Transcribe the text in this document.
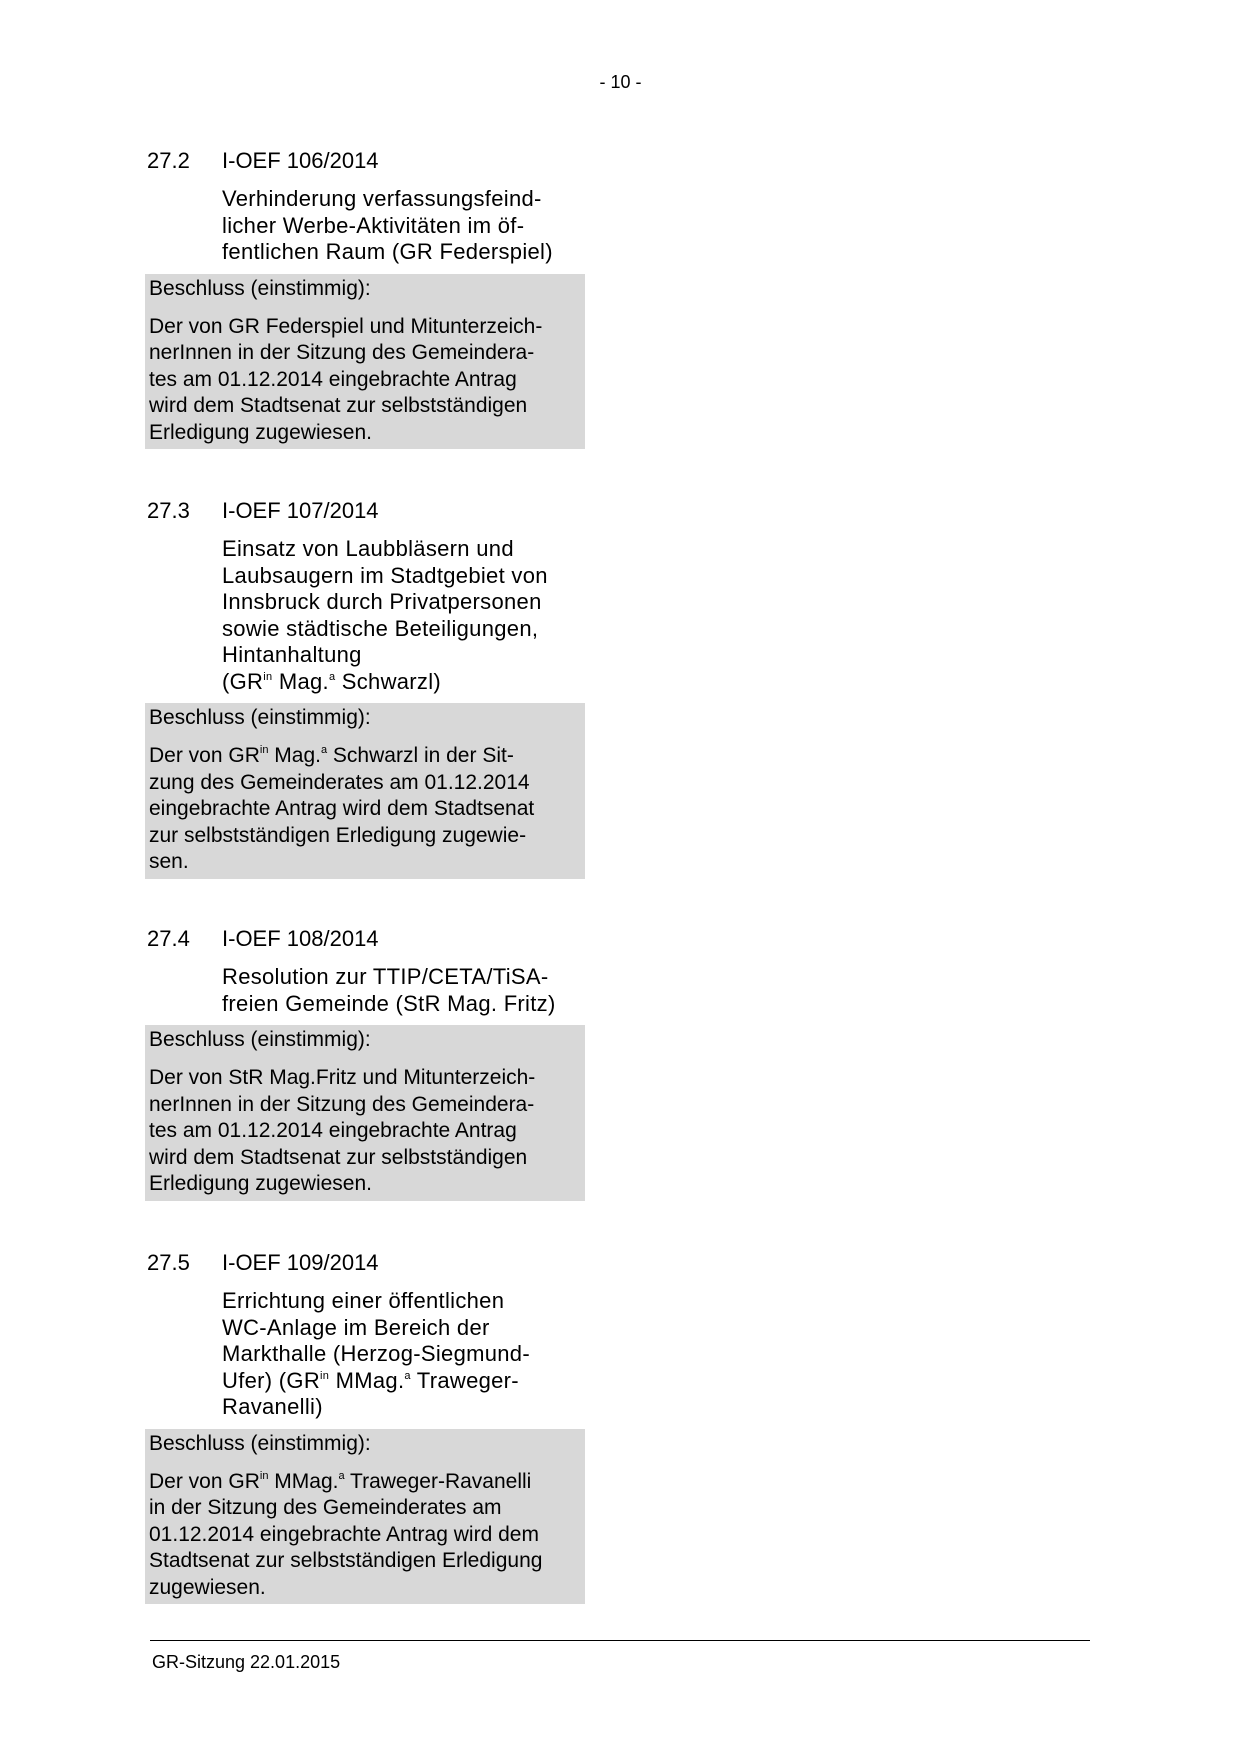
- 10 -
27.2 I-OEF 106/2014
Verhinderung verfassungsfeind-
licher Werbe-Aktivitäten im öf-
fentlichen Raum (GR Federspiel)
Beschluss (einstimmig):
Der von GR Federspiel und Mitunterzeich-
nerInnen in der Sitzung des Gemeindera-
tes am 01.12.2014 eingebrachte Antrag
wird dem Stadtsenat zur selbstständigen
Erledigung zugewiesen.
27.3 I-OEF 107/2014
Einsatz von Laubbläsern und
Laubsaugern im Stadtgebiet von
Innsbruck durch Privatpersonen
sowie städtische Beteiligungen,
Hintanhaltung
($GR^{in}$ Mag.$^a$ Schwarzl)
Beschluss (einstimmig):
Der von $GR^{in}$ Mag.$^a$ Schwarzl in der Sit-
zung des Gemeinderates am 01.12.2014
eingebrachte Antrag wird dem Stadtsenat
zur selbstständigen Erledigung zugewie-
sen.
27.4 I-OEF 108/2014
Resolution zur TTIP/CETA/TiSA-
freien Gemeinde (StR Mag. Fritz)
Beschluss (einstimmig):
Der von StR Mag.Fritz und Mitunterzeich-
nerInnen in der Sitzung des Gemeindera-
tes am 01.12.2014 eingebrachte Antrag
wird dem Stadtsenat zur selbstständigen
Erledigung zugewiesen.
27.5 I-OEF 109/2014
Errichtung einer öffentlichen
WC-Anlage im Bereich der
Markthalle (Herzog-Siegmund-
Ufer) ($GR^{in}$ MMag.$^a$ Traweger-
Ravanelli)
Beschluss (einstimmig):
Der von $GR^{in}$ MMag.$^a$ Traweger-Ravanelli
in der Sitzung des Gemeinderates am
01.12.2014 eingebrachte Antrag wird dem
Stadtsenat zur selbstständigen Erledigung
zugewiesen.
GR-Sitzung 22.01.2015
